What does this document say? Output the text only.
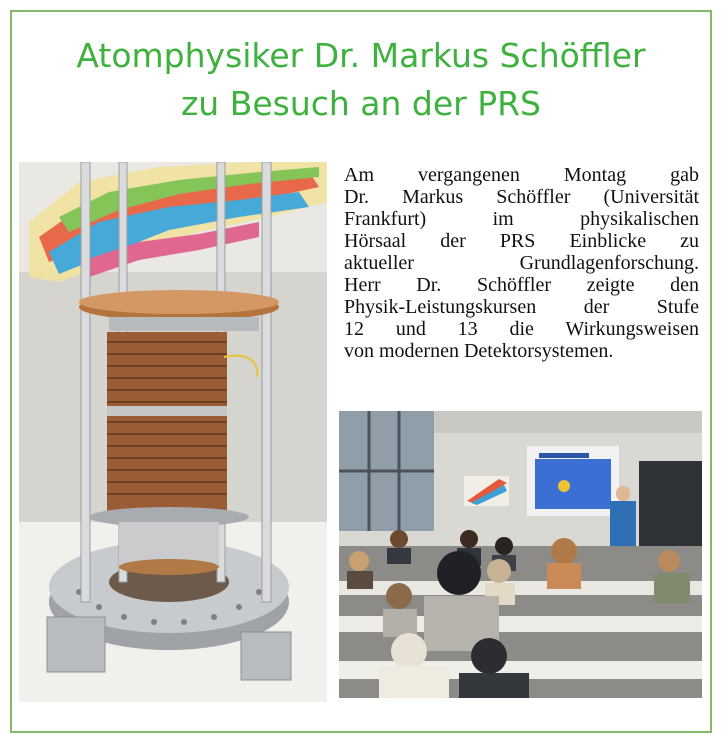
Atomphysiker Dr. Markus Schöffler
zu Besuch an der PRS
Am vergangenen Montag gab
Dr. Markus Schöffler (Universität
Frankfurt) im physikalischen
Hörsaal der PRS Einblicke zu
aktueller Grundlagenforschung.
Herr Dr. Schöffler zeigte den
Physik-Leistungskursen der Stufe
12 und 13 die Wirkungsweisen
von modernen Detektorsystemen.
